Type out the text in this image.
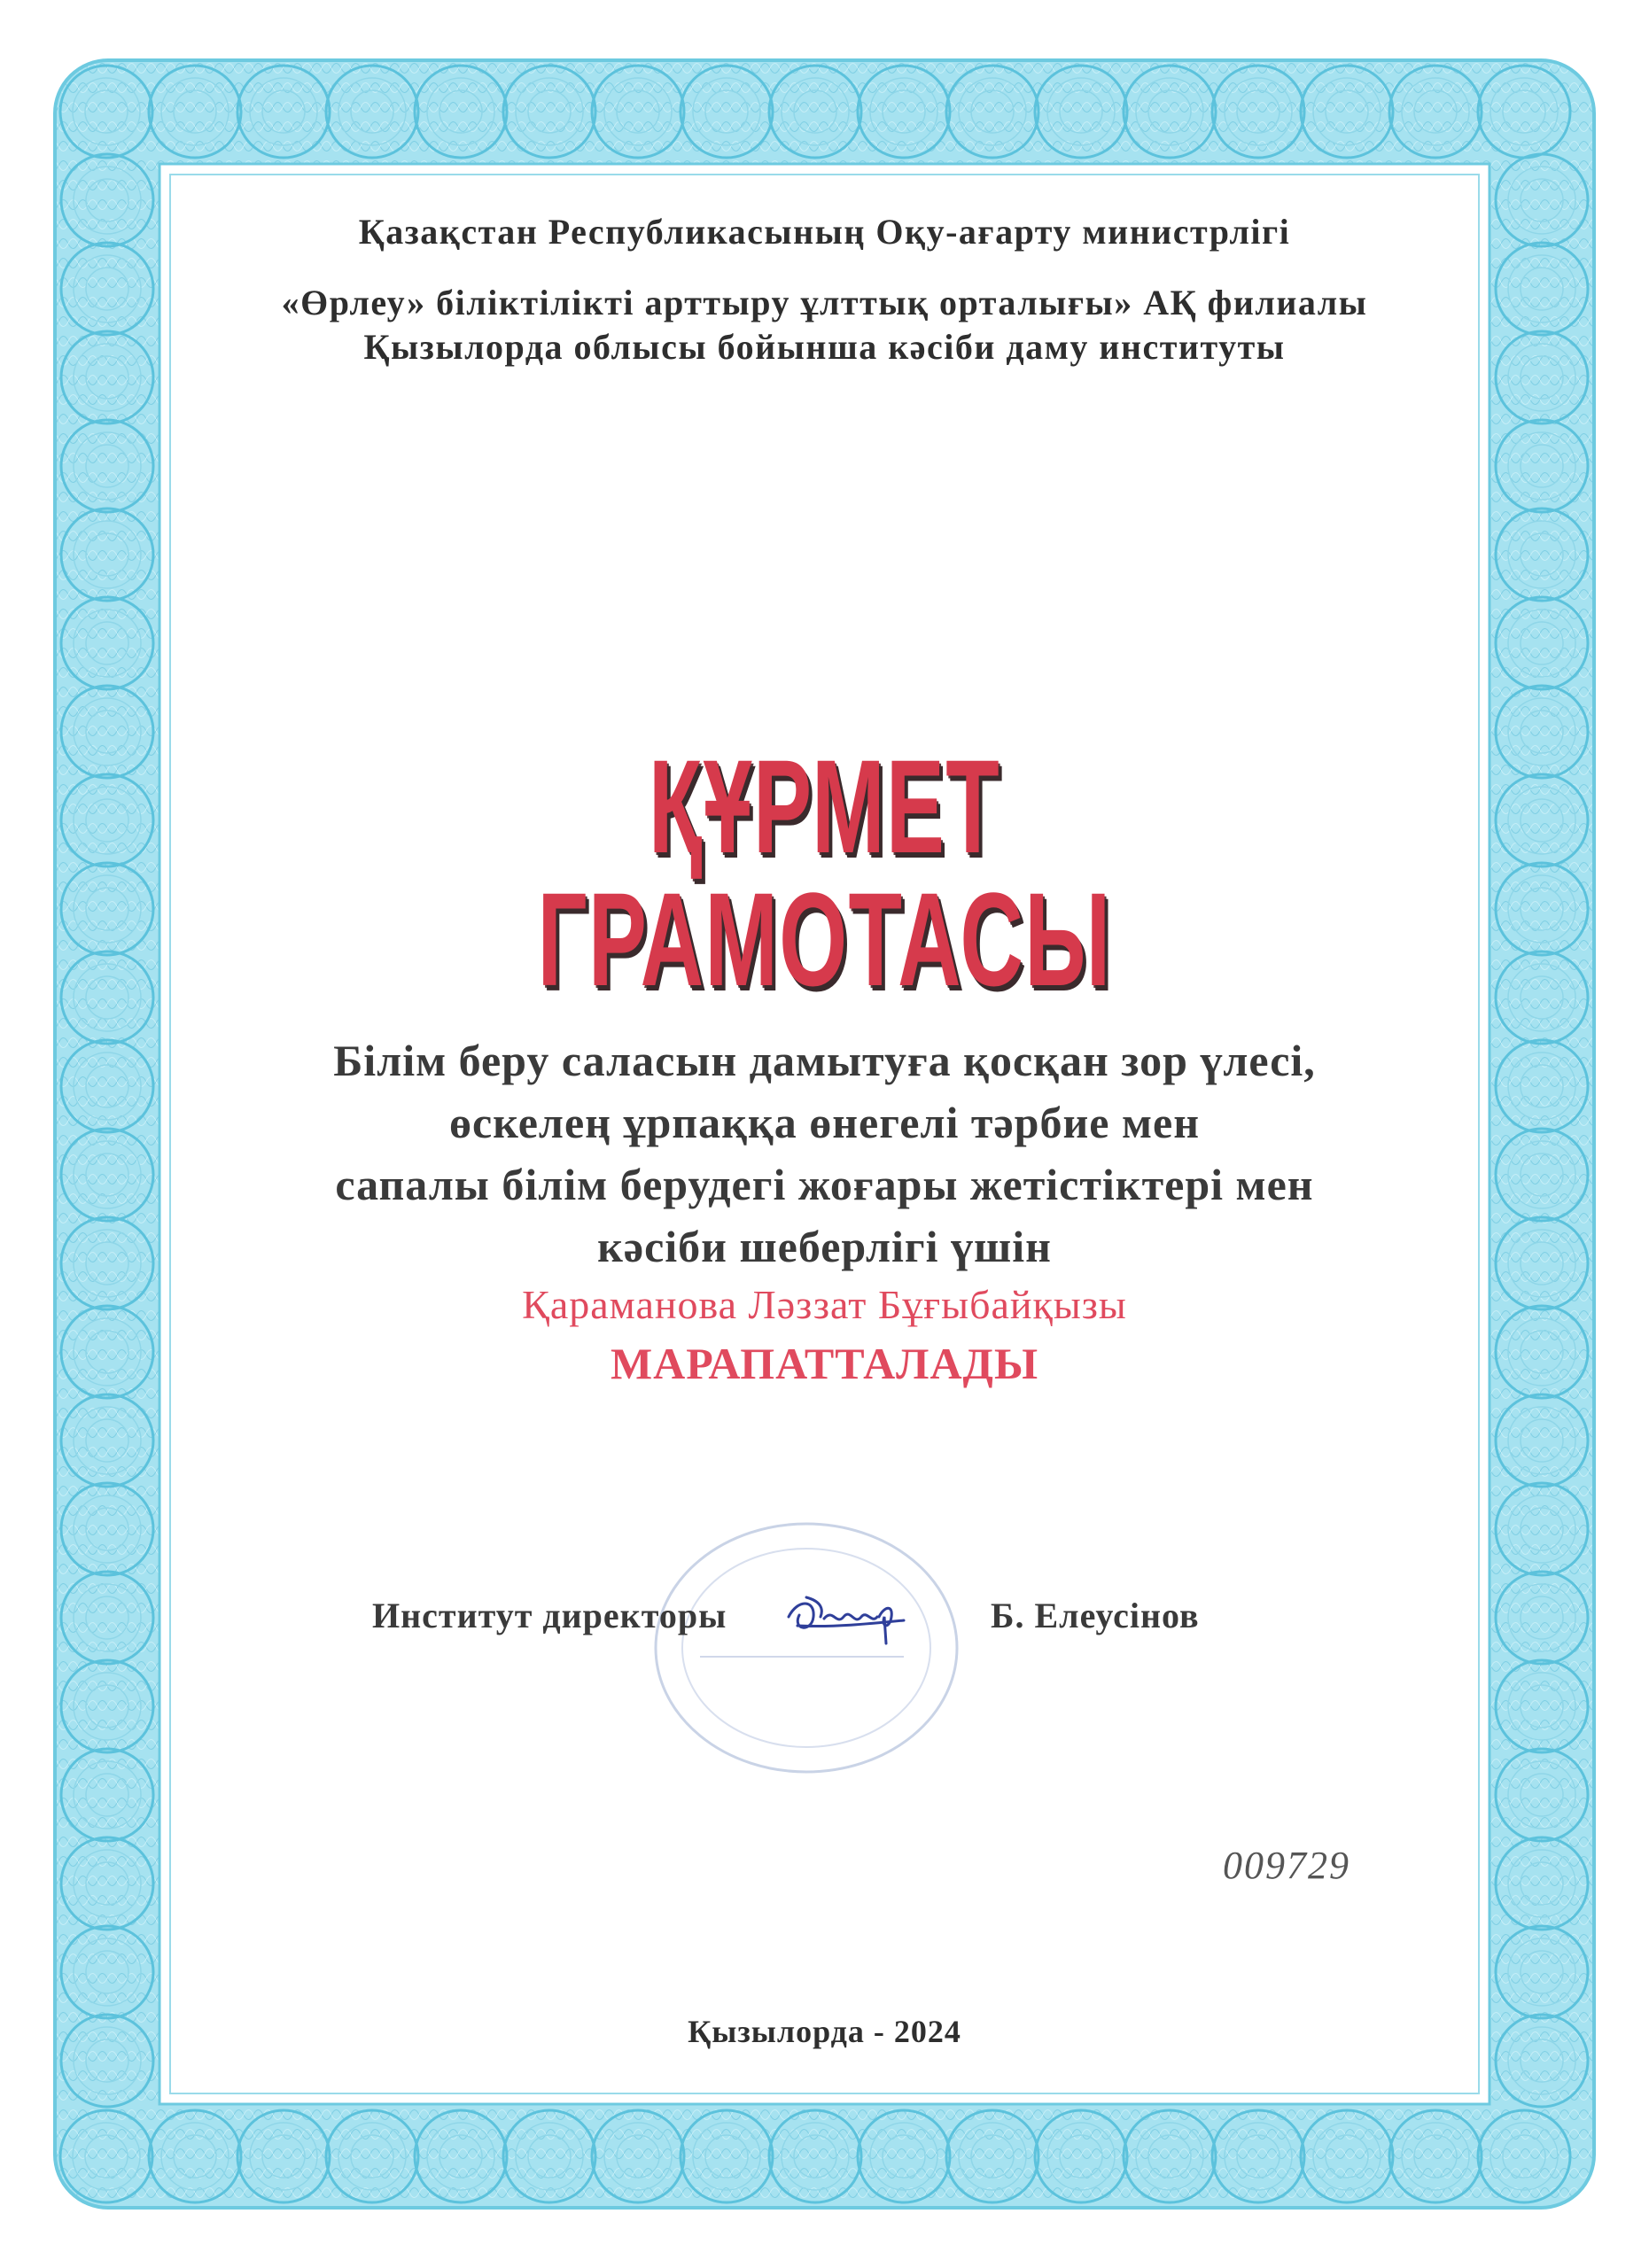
Қазақстан Республикасының Оқу-ағарту министрлігі
«Өрлеу» біліктілікті арттыру ұлттық орталығы» АҚ филиалы
Қызылорда облысы бойынша кәсіби даму институты
ҚҰРМЕТ
ГРАМОТАСЫ
Білім беру саласын дамытуға қосқан зор үлесі,
өскелең ұрпаққа өнегелі тәрбие мен
сапалы білім берудегі жоғары жетістіктері мен
кәсіби шеберлігі үшін
Қараманова Ләззат Бұғыбайқызы
МАРАПАТТАЛАДЫ
Институт директоры	Б. Елеусінов
009729
Қызылорда - 2024
